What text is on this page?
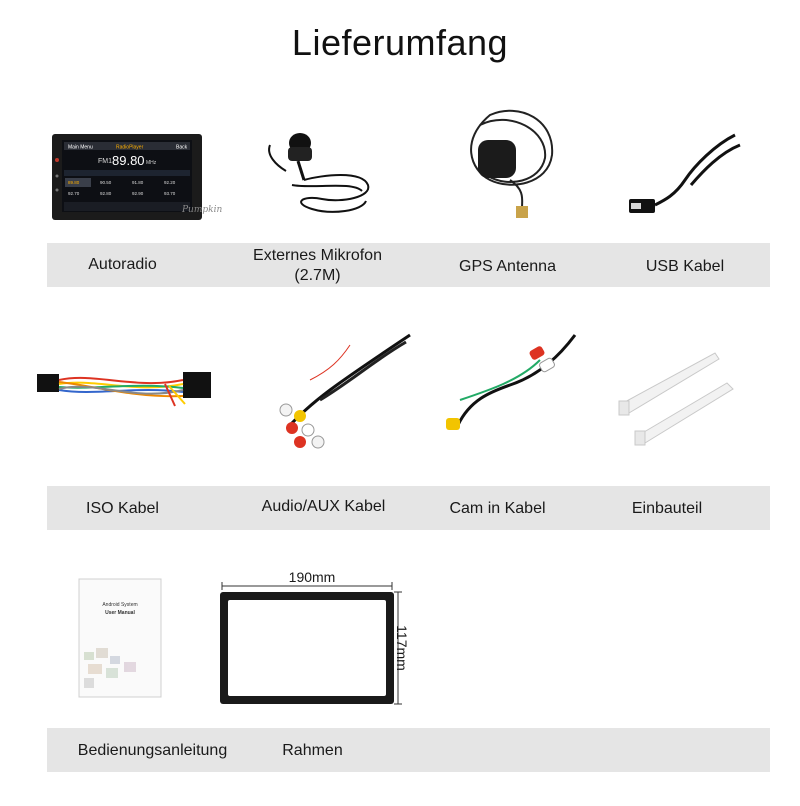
Lieferumfang
Main Menu	RadioPlayer	Back
FM1 89.80 MHz
89.80	90.50	91.80	92.20
92.70	92.80	92.90	93.70
Pumpkin
Autoradio
Externes Mikrofon
(2.7M)
GPS Antenna	USB Kabel
ISO Kabel	Audio/AUX Kabel	Cam in Kabel	Einbauteil
Android System
User Manual
190mm
117mm
Bedienungsanleitung	Rahmen
